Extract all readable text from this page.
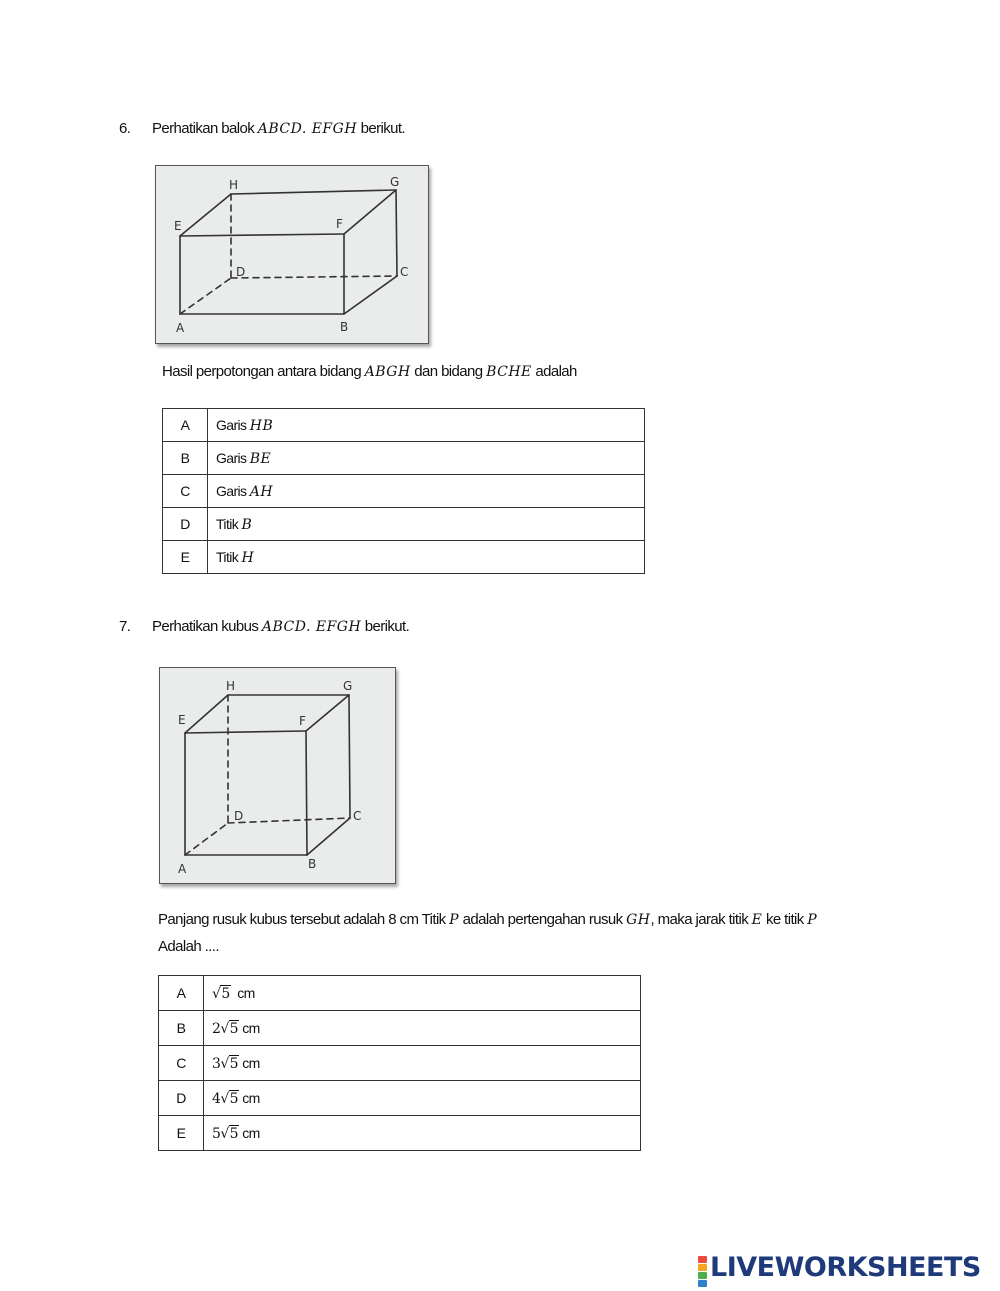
6. Perhatikan balok ABCD. EFGH berikut.
A	B
C
D
E	F
G
H
Hasil perpotongan antara bidang ABGH dan bidang BCHE adalah
A	Garis HB
B	Garis BE
C	Garis AH
D	Titik B
E	Titik H
7. Perhatikan kubus ABCD. EFGH berikut.
A	B
C
D
E	F
G
H
Panjang rusuk kubus tersebut adalah 8 cm Titik P adalah pertengahan rusuk GH, maka jarak titik E ke titik P
Adalah ....
A	√5  cm
B	2√5 cm
C	3√5 cm
D	4√5 cm
E	5√5 cm
LIVEWORKSHEETS
